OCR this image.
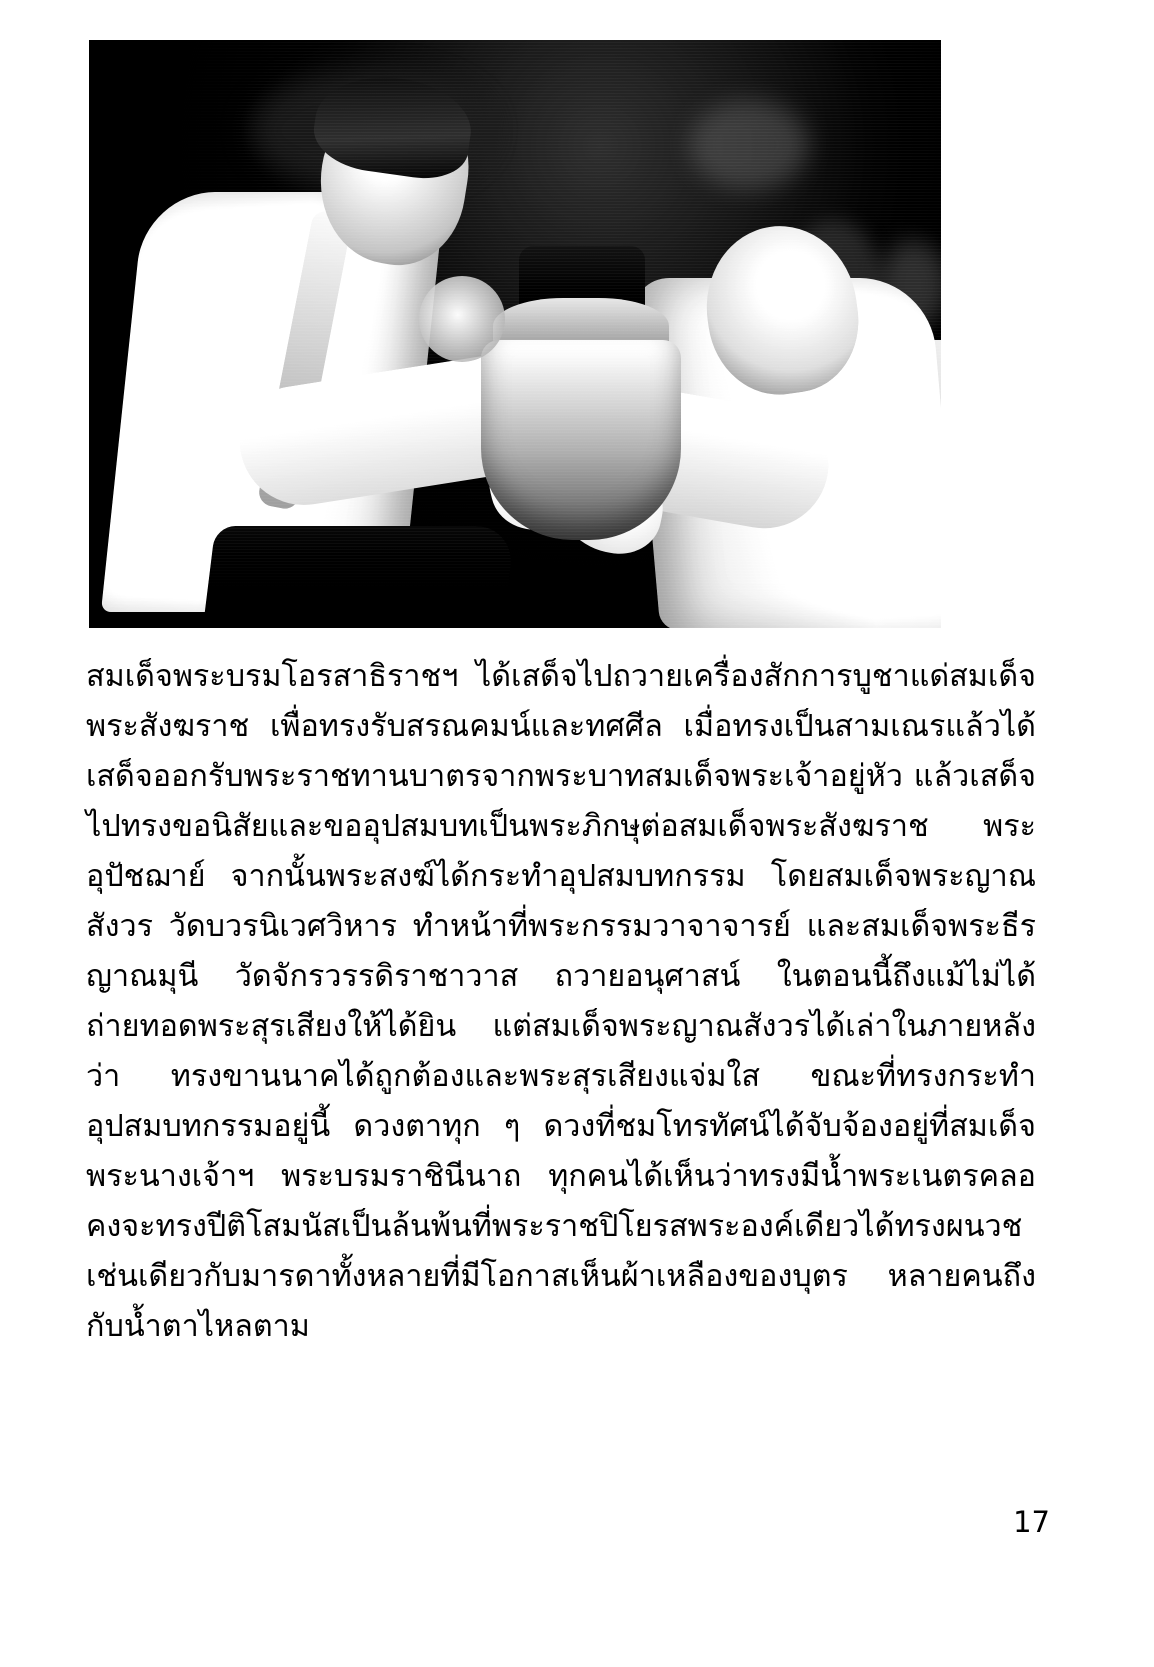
สมเด็จพระบรมโอรสาธิราชฯ ได้เสด็จไปถวายเครื่องสักการบูชาแด่สมเด็จพระสังฆราช เพื่อทรงรับสรณคมน์และทศศีล เมื่อทรงเป็นสามเณรแล้วได้เสด็จออกรับพระราชทานบาตรจากพระบาทสมเด็จพระเจ้าอยู่หัว แล้วเสด็จไปทรงขอนิสัยและขออุปสมบทเป็นพระภิกษุต่อสมเด็จพระสังฆราช พระอุปัชฌาย์ จากนั้นพระสงฆ์ได้กระทำอุปสมบทกรรม โดยสมเด็จพระญาณสังวร วัดบวรนิเวศวิหาร ทำหน้าที่พระกรรมวาจาจารย์ และสมเด็จพระธีรญาณมุนี วัดจักรวรรดิราชาวาส ถวายอนุศาสน์ ในตอนนี้ถึงแม้ไม่ได้ถ่ายทอดพระสุรเสียงให้ได้ยิน แต่สมเด็จพระญาณสังวรได้เล่าในภายหลังว่า ทรงขานนาคได้ถูกต้องและพระสุรเสียงแจ่มใส ขณะที่ทรงกระทำอุปสมบทกรรมอยู่นี้ ดวงตาทุก ๆ ดวงที่ชมโทรทัศน์ได้จับจ้องอยู่ที่สมเด็จพระนางเจ้าฯ พระบรมราชินีนาถ ทุกคนได้เห็นว่าทรงมีน้ำพระเนตรคลอ คงจะทรงปีติโสมนัสเป็นล้นพ้นที่พระราชปิโยรสพระองค์เดียวได้ทรงผนวช เช่นเดียวกับมารดาทั้งหลายที่มีโอกาสเห็นผ้าเหลืองของบุตร หลายคนถึงกับน้ำตาไหลตาม

17
